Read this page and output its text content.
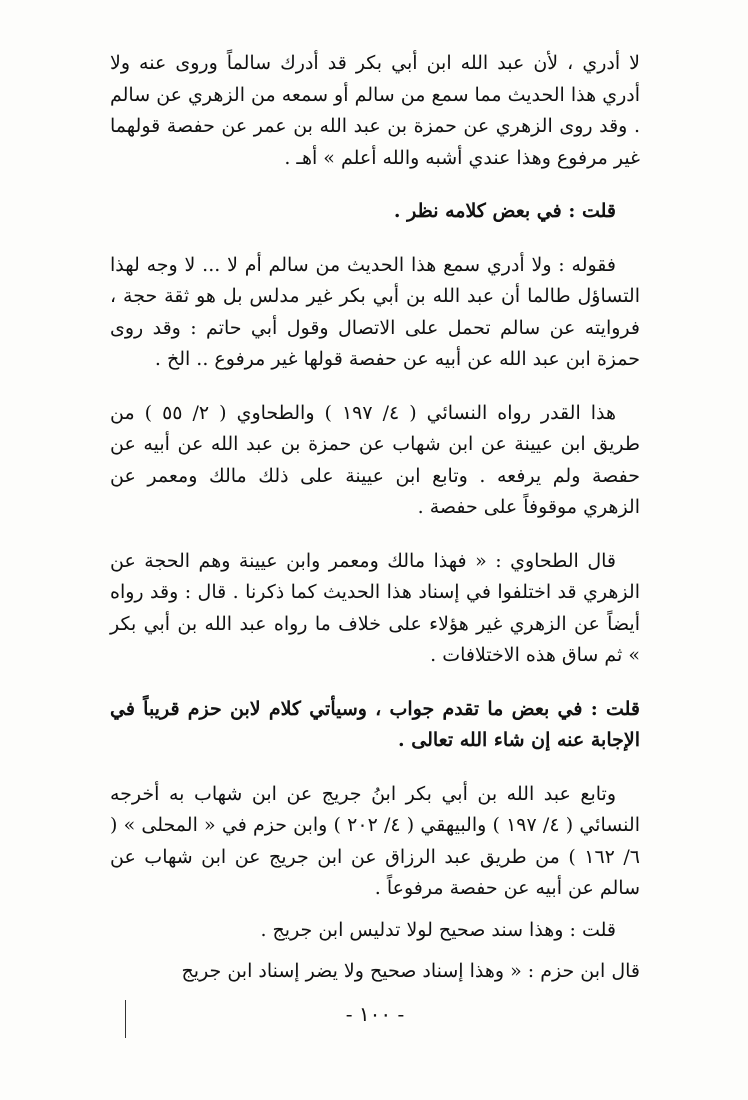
لا أدري ، لأن عبد الله ابن أبي بكر قد أدرك سالماً وروى عنه ولا أدري هذا الحديث مما سمع من سالم أو سمعه من الزهري عن سالم . وقد روى الزهري عن حمزة بن عبد الله بن عمر عن حفصة قولهما غير مرفوع وهذا عندي أشبه والله أعلم » أهـ .

قلت : في بعض كلامه نظر .

فقوله : ولا أدري سمع هذا الحديث من سالم أم لا ... لا وجه لهذا التساؤل طالما أن عبد الله بن أبي بكر غير مدلس بل هو ثقة حجة ، فروايته عن سالم تحمل على الاتصال وقول أبي حاتم : وقد روى حمزة ابن عبد الله عن أبيه عن حفصة قولها غير مرفوع .. الخ .

هذا القدر رواه النسائي ( ٤/ ١٩٧ ) والطحاوي ( ٢/ ٥٥ ) من طريق ابن عيينة عن ابن شهاب عن حمزة بن عبد الله عن أبيه عن حفصة ولم يرفعه . وتابع ابن عيينة على ذلك مالك ومعمر عن الزهري موقوفاً على حفصة .

قال الطحاوي : « فهذا مالك ومعمر وابن عيينة وهم الحجة عن الزهري قد اختلفوا في إسناد هذا الحديث كما ذكرنا . قال : وقد رواه أيضاً عن الزهري غير هؤلاء على خلاف ما رواه عبد الله بن أبي بكر » ثم ساق هذه الاختلافات .

قلت : في بعض ما تقدم جواب ، وسيأتي كلام لابن حزم قريباً في الإجابة عنه إن شاء الله تعالى .

وتابع عبد الله بن أبي بكر ابنُ جريج عن ابن شهاب به أخرجه النسائي ( ٤/ ١٩٧ ) والبيهقي ( ٤/ ٢٠٢ ) وابن حزم في « المحلى » ( ٦/ ١٦٢ ) من طريق عبد الرزاق عن ابن جريج عن ابن شهاب عن سالم عن أبيه عن حفصة مرفوعاً .

قلت : وهذا سند صحيح لولا تدليس ابن جريج .

قال ابن حزم : « وهذا إسناد صحيح ولا يضر إسناد ابن جريج

- ١٠٠ -
